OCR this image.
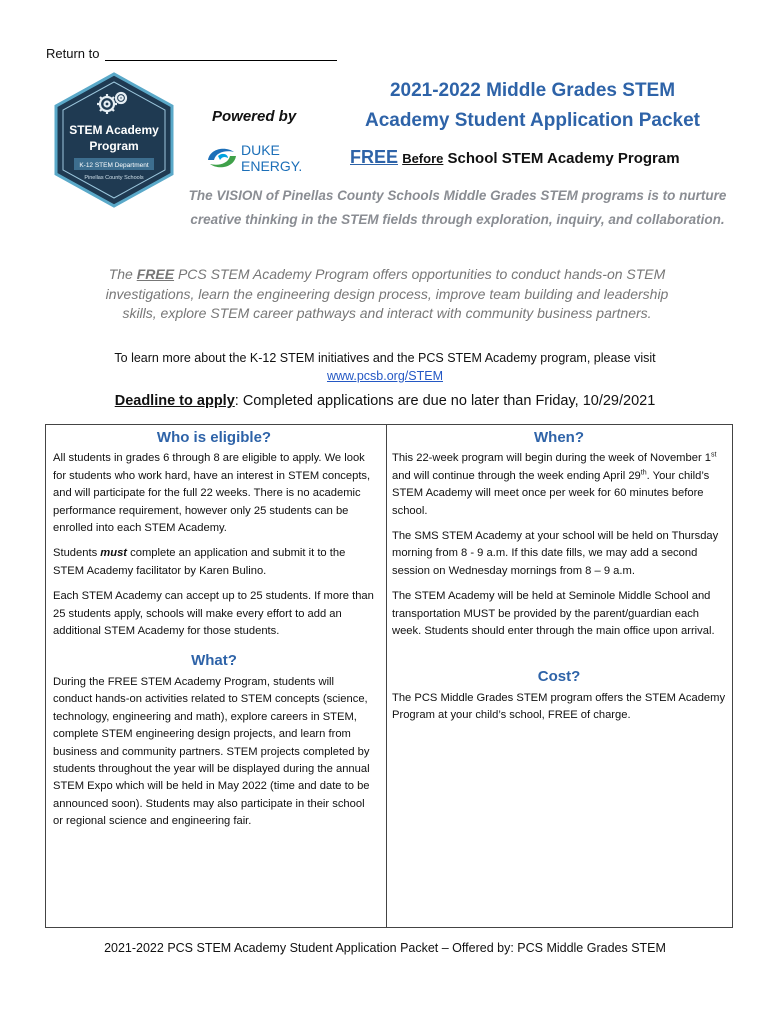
Return to
STEM Academy
Program
K-12 STEM Department
Pinellas County Schools
Powered by
DUKE
ENERGY.
2021-2022 Middle Grades STEM
Academy Student Application Packet
FREE Before School STEM Academy Program
The VISION of Pinellas County Schools Middle Grades STEM programs is to nurture creative thinking in the STEM fields through exploration, inquiry, and collaboration.
The FREE PCS STEM Academy Program offers opportunities to conduct hands-on STEM investigations, learn the engineering design process, improve team building and leadership skills, explore STEM career pathways and interact with community business partners.
To learn more about the K-12 STEM initiatives and the PCS STEM Academy program, please visit
www.pcsb.org/STEM
Deadline to apply: Completed applications are due no later than Friday, 10/29/2021
Who is eligible?

All students in grades 6 through 8 are eligible to apply. We look for students who work hard, have an interest in STEM concepts, and will participate for the full 22 weeks. There is no academic performance requirement, however only 25 students can be enrolled into each STEM Academy.

Students must complete an application and submit it to the STEM Academy facilitator by Karen Bulino.

Each STEM Academy can accept up to 25 students. If more than 25 students apply, schools will make every effort to add an additional STEM Academy for those students.

What?

During the FREE STEM Academy Program, students will conduct hands-on activities related to STEM concepts (science, technology, engineering and math), explore careers in STEM, complete STEM engineering design projects, and learn from business and community partners. STEM projects completed by students throughout the year will be displayed during the annual STEM Expo which will be held in May 2022 (time and date to be announced soon). Students may also participate in their school or regional science and engineering fair.

When?

This 22-week program will begin during the week of November 1st and will continue through the week ending April 29th. Your child’s STEM Academy will meet once per week for 60 minutes before school.

The SMS STEM Academy at your school will be held on Thursday morning from 8 - 9 a.m. If this date fills, we may add a second session on Wednesday mornings from 8 – 9 a.m.

The STEM Academy will be held at Seminole Middle School and transportation MUST be provided by the parent/guardian each week. Students should enter through the main office upon arrival.

Cost?

The PCS Middle Grades STEM program offers the STEM Academy Program at your child’s school, FREE of charge.

2021-2022 PCS STEM Academy Student Application Packet – Offered by: PCS Middle Grades STEM
